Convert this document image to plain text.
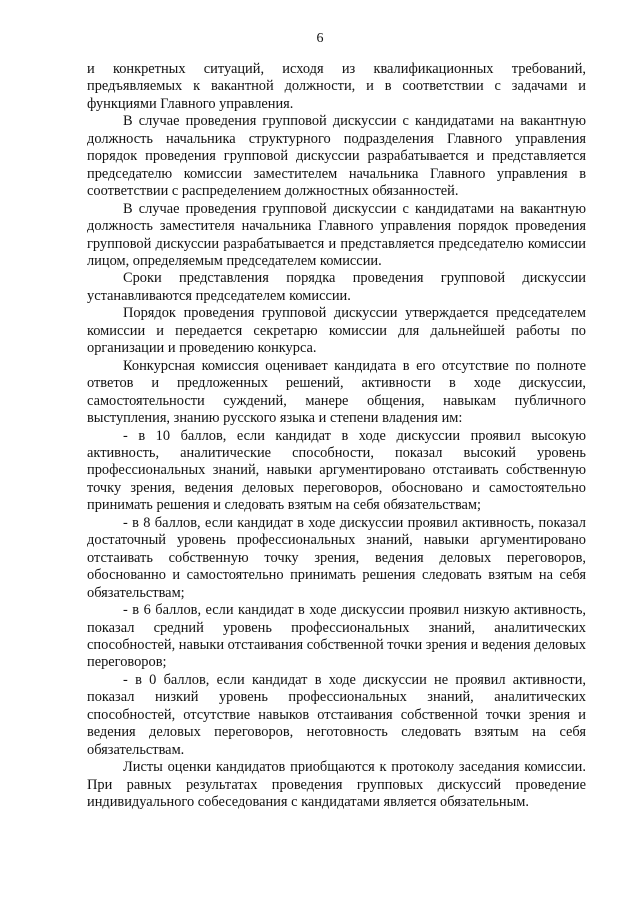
6

и конкретных ситуаций, исходя из квалификационных требований, предъявляемых к вакантной должности, и в соответствии с задачами и функциями Главного управления.

В случае проведения групповой дискуссии с кандидатами на вакантную должность начальника структурного подразделения Главного управления порядок проведения групповой дискуссии разрабатывается и представляется председателю комиссии заместителем начальника Главного управления в соответствии с распределением должностных обязанностей.

В случае проведения групповой дискуссии с кандидатами на вакантную должность заместителя начальника Главного управления порядок проведения групповой дискуссии разрабатывается и представляется председателю комиссии лицом, определяемым председателем комиссии.

Сроки представления порядка проведения групповой дискуссии устанавливаются председателем комиссии.

Порядок проведения групповой дискуссии утверждается председателем комиссии и передается секретарю комиссии для дальнейшей работы по организации и проведению конкурса.

Конкурсная комиссия оценивает кандидата в его отсутствие по полноте ответов и предложенных решений, активности в ходе дискуссии, самостоятельности суждений, манере общения, навыкам публичного выступления, знанию русского языка и степени владения им:

- в 10 баллов, если кандидат в ходе дискуссии проявил высокую активность, аналитические способности, показал высокий уровень профессиональных знаний, навыки аргументировано отстаивать собственную точку зрения, ведения деловых переговоров, обосновано и самостоятельно принимать решения и следовать взятым на себя обязательствам;

- в 8 баллов, если кандидат в ходе дискуссии проявил активность, показал достаточный уровень профессиональных знаний, навыки аргументировано отстаивать собственную точку зрения, ведения деловых переговоров, обоснованно и самостоятельно принимать решения следовать взятым на себя обязательствам;

- в 6 баллов, если кандидат в ходе дискуссии проявил низкую активность, показал средний уровень профессиональных знаний, аналитических способностей, навыки отстаивания собственной точки зрения и ведения деловых переговоров;

- в 0 баллов, если кандидат в ходе дискуссии не проявил активности, показал низкий уровень профессиональных знаний, аналитических способностей, отсутствие навыков отстаивания собственной точки зрения и ведения деловых переговоров, неготовность следовать взятым на себя обязательствам.

Листы оценки кандидатов приобщаются к протоколу заседания комиссии. При равных результатах проведения групповых дискуссий проведение индивидуального собеседования с кандидатами является обязательным.
